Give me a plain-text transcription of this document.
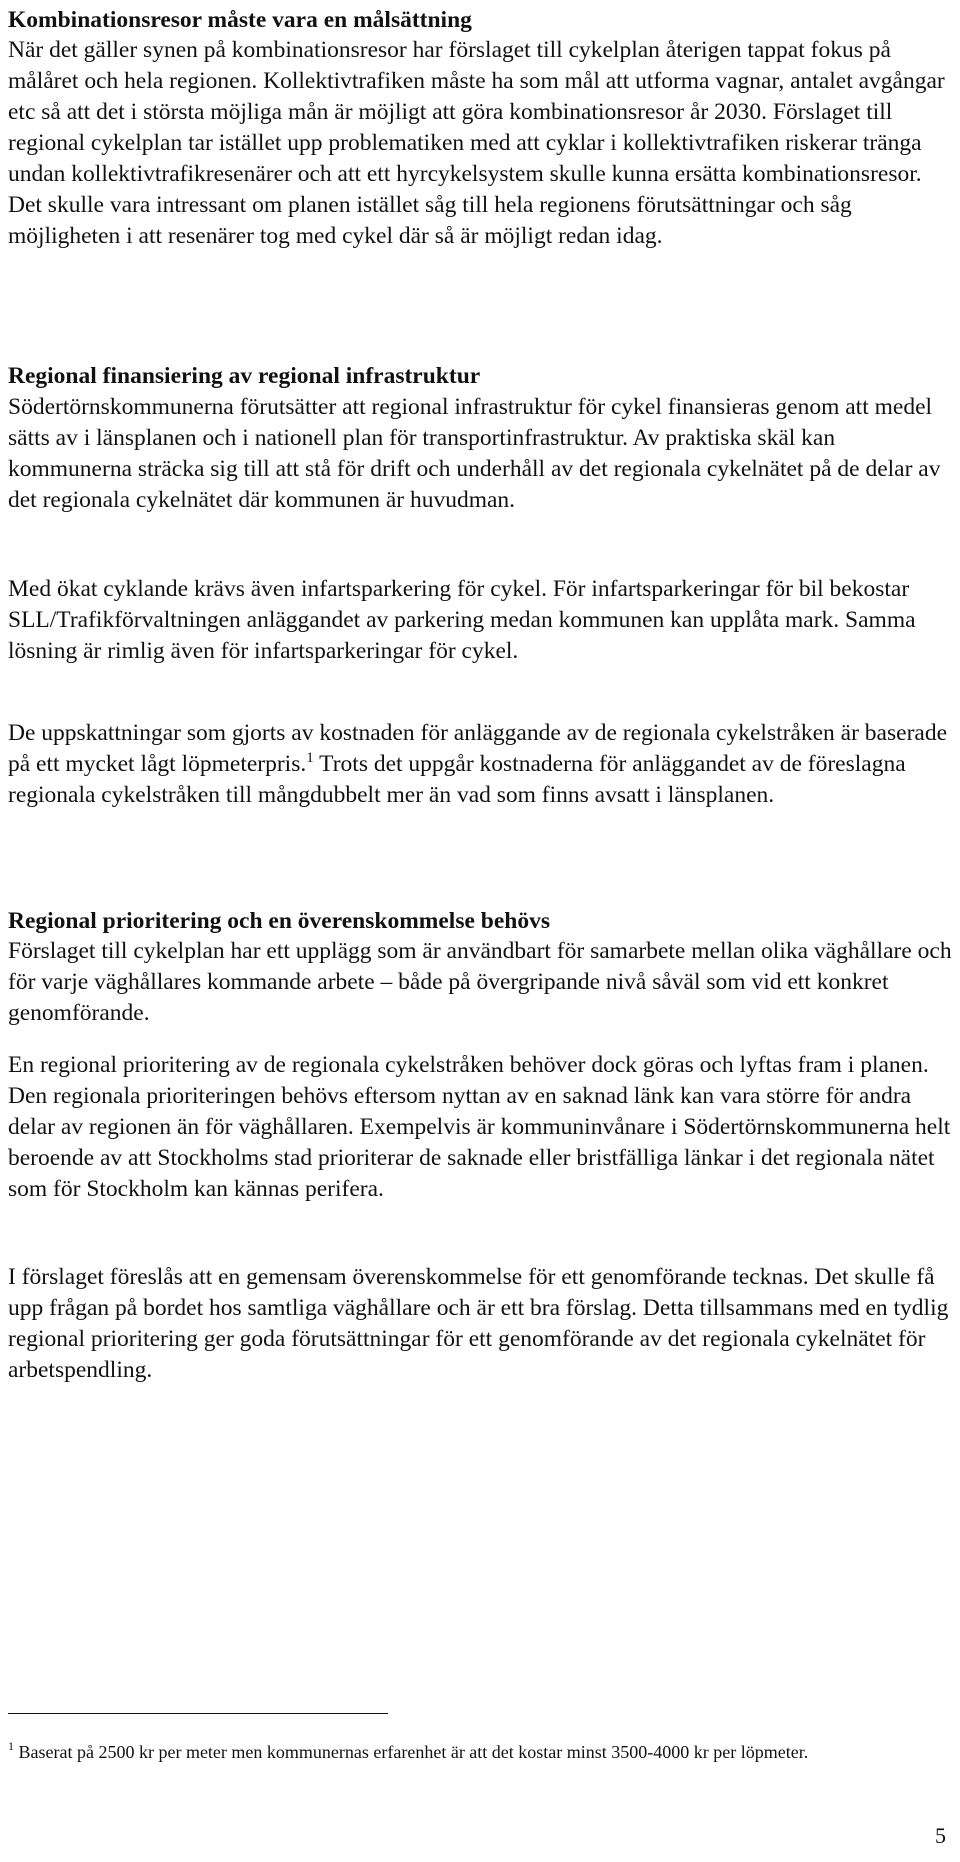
Kombinationsresor måste vara en målsättning

När det gäller synen på kombinationsresor har förslaget till cykelplan återigen tappat fokus på målåret och hela regionen. Kollektivtrafiken måste ha som mål att utforma vagnar, antalet avgångar etc så att det i största möjliga mån är möjligt att göra kombinationsresor år 2030. Förslaget till regional cykelplan tar istället upp problematiken med att cyklar i kollektivtrafiken riskerar tränga undan kollektivtrafikresenärer och att ett hyrcykelsystem skulle kunna ersätta kombinationsresor. Det skulle vara intressant om planen istället såg till hela regionens förutsättningar och såg möjligheten i att resenärer tog med cykel där så är möjligt redan idag.

Regional finansiering av regional infrastruktur

Södertörnskommunerna förutsätter att regional infrastruktur för cykel finansieras genom att medel sätts av i länsplanen och i nationell plan för transportinfrastruktur. Av praktiska skäl kan kommunerna sträcka sig till att stå för drift och underhåll av det regionala cykelnätet på de delar av det regionala cykelnätet där kommunen är huvudman.

Med ökat cyklande krävs även infartsparkering för cykel. För infartsparkeringar för bil bekostar SLL/Trafikförvaltningen anläggandet av parkering medan kommunen kan upplåta mark. Samma lösning är rimlig även för infartsparkeringar för cykel.

De uppskattningar som gjorts av kostnaden för anläggande av de regionala cykelstråken är baserade på ett mycket lågt löpmeterpris.$^1$ Trots det uppgår kostnaderna för anläggandet av de föreslagna regionala cykelstråken till mångdubbelt mer än vad som finns avsatt i länsplanen.

Regional prioritering och en överenskommelse behövs

Förslaget till cykelplan har ett upplägg som är användbart för samarbete mellan olika väghållare och för varje väghållares kommande arbete – både på övergripande nivå såväl som vid ett konkret genomförande.

En regional prioritering av de regionala cykelstråken behöver dock göras och lyftas fram i planen. Den regionala prioriteringen behövs eftersom nyttan av en saknad länk kan vara större för andra delar av regionen än för väghållaren. Exempelvis är kommuninvånare i Södertörnskommunerna helt beroende av att Stockholms stad prioriterar de saknade eller bristfälliga länkar i det regionala nätet som för Stockholm kan kännas perifera.

I förslaget föreslås att en gemensam överenskommelse för ett genomförande tecknas. Det skulle få upp frågan på bordet hos samtliga väghållare och är ett bra förslag. Detta tillsammans med en tydlig regional prioritering ger goda förutsättningar för ett genomförande av det regionala cykelnätet för arbetspendling.

$^1$ Baserat på 2500 kr per meter men kommunernas erfarenhet är att det kostar minst 3500-4000 kr per löpmeter.

5
